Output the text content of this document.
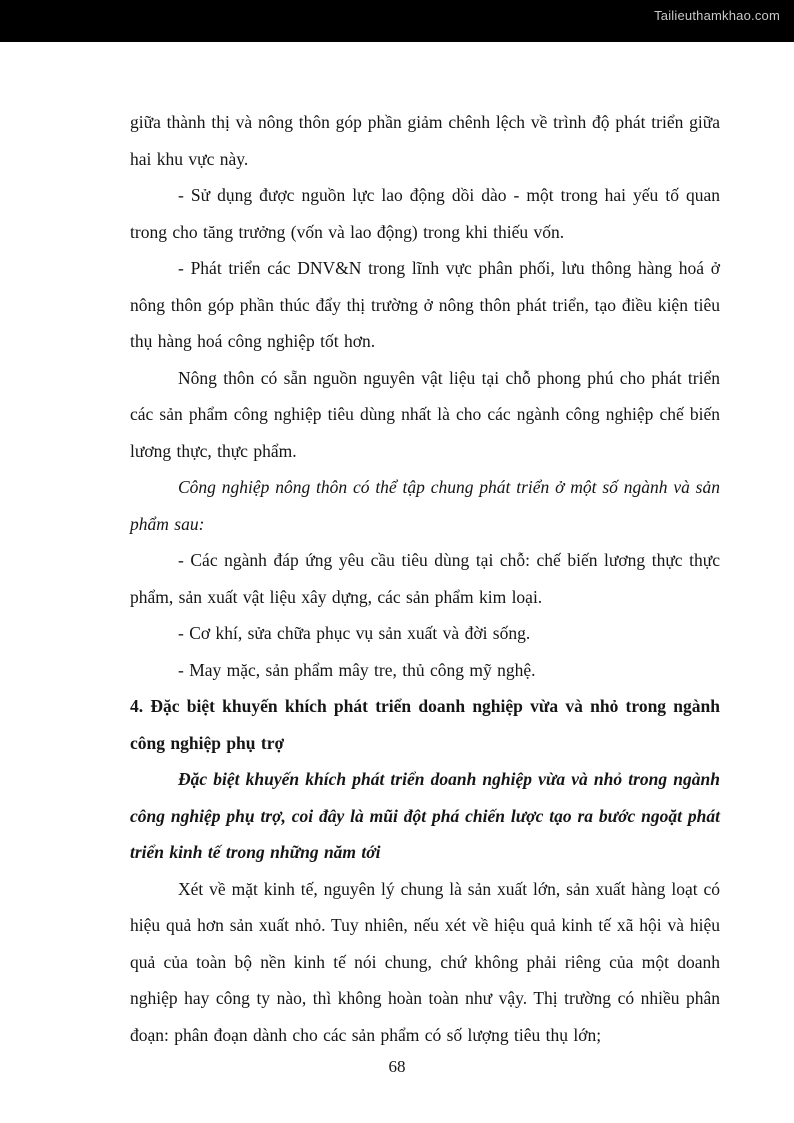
Tailieuthamkhao.com

giữa thành thị và nông thôn góp phần giảm chênh lệch về trình độ phát triển giữa hai khu vực này.

- Sử dụng được nguồn lực lao động dồi dào - một trong hai yếu tố quan trong cho tăng trưởng (vốn và lao động) trong khi thiếu vốn.

- Phát triển các DNV&N trong lĩnh vực phân phối, lưu thông hàng hoá ở nông thôn góp phần thúc đẩy thị trường ở nông thôn phát triển, tạo điều kiện tiêu thụ hàng hoá công nghiệp tốt hơn.

Nông thôn có sẵn nguồn nguyên vật liệu tại chỗ phong phú cho phát triển các sản phẩm công nghiệp tiêu dùng nhất là cho các ngành công nghiệp chế biến lương thực, thực phẩm.

Công nghiệp nông thôn có thể tập chung phát triển ở một số ngành và sản phẩm sau:

- Các ngành đáp ứng yêu cầu tiêu dùng tại chỗ: chế biến lương thực thực phẩm, sản xuất vật liệu xây dựng, các sản phẩm kim loại.

- Cơ khí, sửa chữa phục vụ sản xuất và đời sống.

- May mặc, sản phẩm mây tre, thủ công mỹ nghệ.

4. Đặc biệt khuyến khích phát triển doanh nghiệp vừa và nhỏ trong ngành công nghiệp phụ trợ

Đặc biệt khuyến khích phát triển doanh nghiệp vừa và nhỏ trong ngành công nghiệp phụ trợ, coi đây là mũi đột phá chiến lược tạo ra bước ngoặt phát triển kinh tế trong những năm tới

Xét về mặt kinh tế, nguyên lý chung là sản xuất lớn, sản xuất hàng loạt có hiệu quả hơn sản xuất nhỏ. Tuy nhiên, nếu xét về hiệu quả kinh tế xã hội và hiệu quả của toàn bộ nền kinh tế nói chung, chứ không phải riêng của một doanh nghiệp hay công ty nào, thì không hoàn toàn như vậy. Thị trường có nhiều phân đoạn: phân đoạn dành cho các sản phẩm có số lượng tiêu thụ lớn;

68
